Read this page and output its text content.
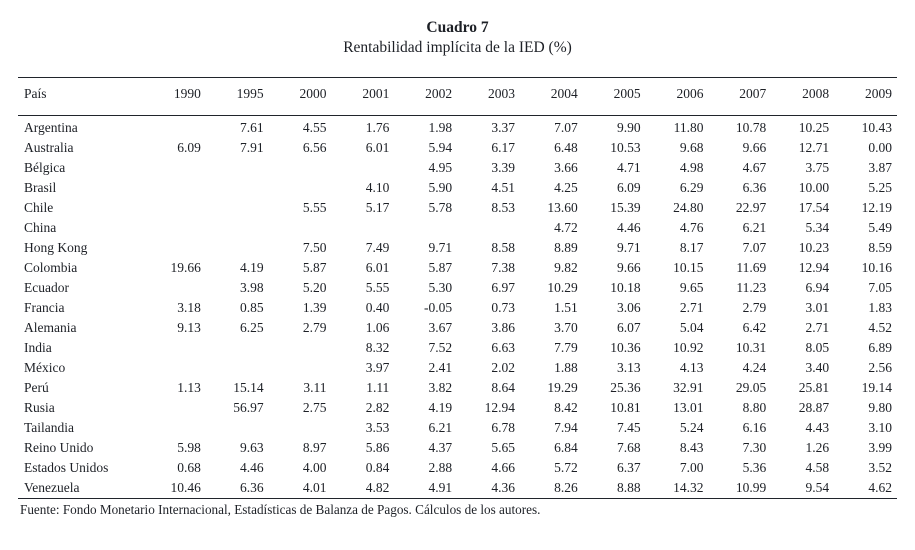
Cuadro 7
Rentabilidad implícita de la IED (%)
País	1990	1995	2000	2001	2002	2003	2004	2005	2006	2007	2008	2009

Argentina		7.61	4.55	1.76	1.98	3.37	7.07	9.90	11.80	10.78	10.25	10.43
Australia	6.09	7.91	6.56	6.01	5.94	6.17	6.48	10.53	9.68	9.66	12.71	0.00
Bélgica					4.95	3.39	3.66	4.71	4.98	4.67	3.75	3.87
Brasil				4.10	5.90	4.51	4.25	6.09	6.29	6.36	10.00	5.25
Chile			5.55	5.17	5.78	8.53	13.60	15.39	24.80	22.97	17.54	12.19
China							4.72	4.46	4.76	6.21	5.34	5.49
Hong Kong			7.50	7.49	9.71	8.58	8.89	9.71	8.17	7.07	10.23	8.59
Colombia	19.66	4.19	5.87	6.01	5.87	7.38	9.82	9.66	10.15	11.69	12.94	10.16
Ecuador		3.98	5.20	5.55	5.30	6.97	10.29	10.18	9.65	11.23	6.94	7.05
Francia	3.18	0.85	1.39	0.40	-0.05	0.73	1.51	3.06	2.71	2.79	3.01	1.83
Alemania	9.13	6.25	2.79	1.06	3.67	3.86	3.70	6.07	5.04	6.42	2.71	4.52
India				8.32	7.52	6.63	7.79	10.36	10.92	10.31	8.05	6.89
México				3.97	2.41	2.02	1.88	3.13	4.13	4.24	3.40	2.56
Perú	1.13	15.14	3.11	1.11	3.82	8.64	19.29	25.36	32.91	29.05	25.81	19.14
Rusia		56.97	2.75	2.82	4.19	12.94	8.42	10.81	13.01	8.80	28.87	9.80
Tailandia				3.53	6.21	6.78	7.94	7.45	5.24	6.16	4.43	3.10
Reino Unido	5.98	9.63	8.97	5.86	4.37	5.65	6.84	7.68	8.43	7.30	1.26	3.99
Estados Unidos	0.68	4.46	4.00	0.84	2.88	4.66	5.72	6.37	7.00	5.36	4.58	3.52
Venezuela	10.46	6.36	4.01	4.82	4.91	4.36	8.26	8.88	14.32	10.99	9.54	4.62
Fuente: Fondo Monetario Internacional, Estadísticas de Balanza de Pagos. Cálculos de los autores.
